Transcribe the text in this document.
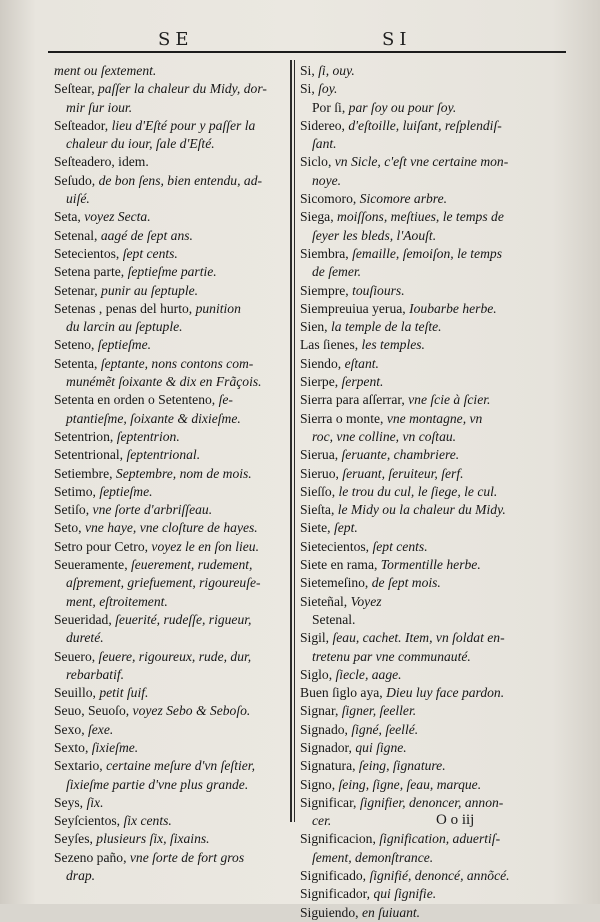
SE	SI
ment ou ſextement.
Seſtear, paſſer la chaleur du Midy, dor-
mir ſur iour.
Seſteador, lieu d'Eſté pour y paſſer la
chaleur du iour, ſale d'Eſté.
Seſteadero, idem.
Seſudo, de bon ſens, bien entendu, ad-
uiſé.
Seta, voyez Secta.
Setenal, aagé de ſept ans.
Setecientos, ſept cents.
Setena parte, ſeptieſme partie.
Setenar, punir au ſeptuple.
Setenas , penas del hurto, punition
du larcin au ſeptuple.
Seteno, ſeptieſme.
Setenta, ſeptante, nons contons com-
munémẽt ſoixante & dix en Frãçois.
Setenta en orden o Setenteno, ſe-
ptantieſme, ſoixante & dixieſme.
Setentrion, ſeptentrion.
Setentrional, ſeptentrional.
Setiembre, Septembre, nom de mois.
Setimo, ſeptieſme.
Setiſo, vne ſorte d'arbriſſeau.
Seto, vne haye, vne cloſture de hayes.
Setro pour Cetro, voyez le en ſon lieu.
Seueramente, ſeuerement, rudement,
aſprement, griefuement, rigoureuſe-
ment, eſtroitement.
Seueridad, ſeuerité, rudeſſe, rigueur,
dureté.
Seuero, ſeuere, rigoureux, rude, dur,
rebarbatif.
Seuillo, petit ſuif.
Seuo, Seuoſo, voyez Sebo & Seboſo.
Sexo, ſexe.
Sexto, ſixieſme.
Sextario, certaine meſure d'vn ſeſtier,
ſixieſme partie d'vne plus grande.
Seys, ſix.
Seyſcientos, ſix cents.
Seyſes, plusieurs ſix, ſixains.
Sezeno paño, vne ſorte de fort gros
drap.
Si, ſi, ouy.
Si, ſoy.
Por ſi, par ſoy ou pour ſoy.
Sidereo, d'eſtoille, luiſant, reſplendiſ-
ſant.
Siclo, vn Sicle, c'eſt vne certaine mon-
noye.
Sicomoro, Sicomore arbre.
Siega, moiſſons, meſtiues, le temps de
ſeyer les bleds, l'Aouſt.
Siembra, ſemaille, ſemoiſon, le temps
de ſemer.
Siempre, touſiours.
Siempreuiua yerua, Ioubarbe herbe.
Sien, la temple de la teſte.
Las ſienes, les temples.
Siendo, eſtant.
Sierpe, ſerpent.
Sierra para aſſerrar, vne ſcie à ſcier.
Sierra o monte, vne montagne, vn
roc, vne colline, vn coſtau.
Sierua, ſeruante, chambriere.
Sieruo, ſeruant, ſeruiteur, ſerf.
Sieſſo, le trou du cul, le ſiege, le cul.
Sieſta, le Midy ou la chaleur du Midy.
Siete, ſept.
Sietecientos, ſept cents.
Siete en rama, Tormentille herbe.
Sietemeſino, de ſept mois.
Sieteñal, Voyez
Setenal.
Sigil, ſeau, cachet. Item, vn ſoldat en-
tretenu par vne communauté.
Siglo, ſiecle, aage.
Buen ſiglo aya, Dieu luy face pardon.
Signar, ſigner, ſeeller.
Signado, ſigné, ſeellé.
Signador, qui ſigne.
Signatura, ſeing, ſignature.
Signo, ſeing, ſigne, ſeau, marque.
Significar, ſignifier, denoncer, annon-
cer.
Significacion, ſignification, aduertiſ-
ſement, demonſtrance.
Significado, ſignifié, denoncé, annõcé.
Significador, qui ſignifie.
Siguiendo, en ſuiuant.
O o iij
